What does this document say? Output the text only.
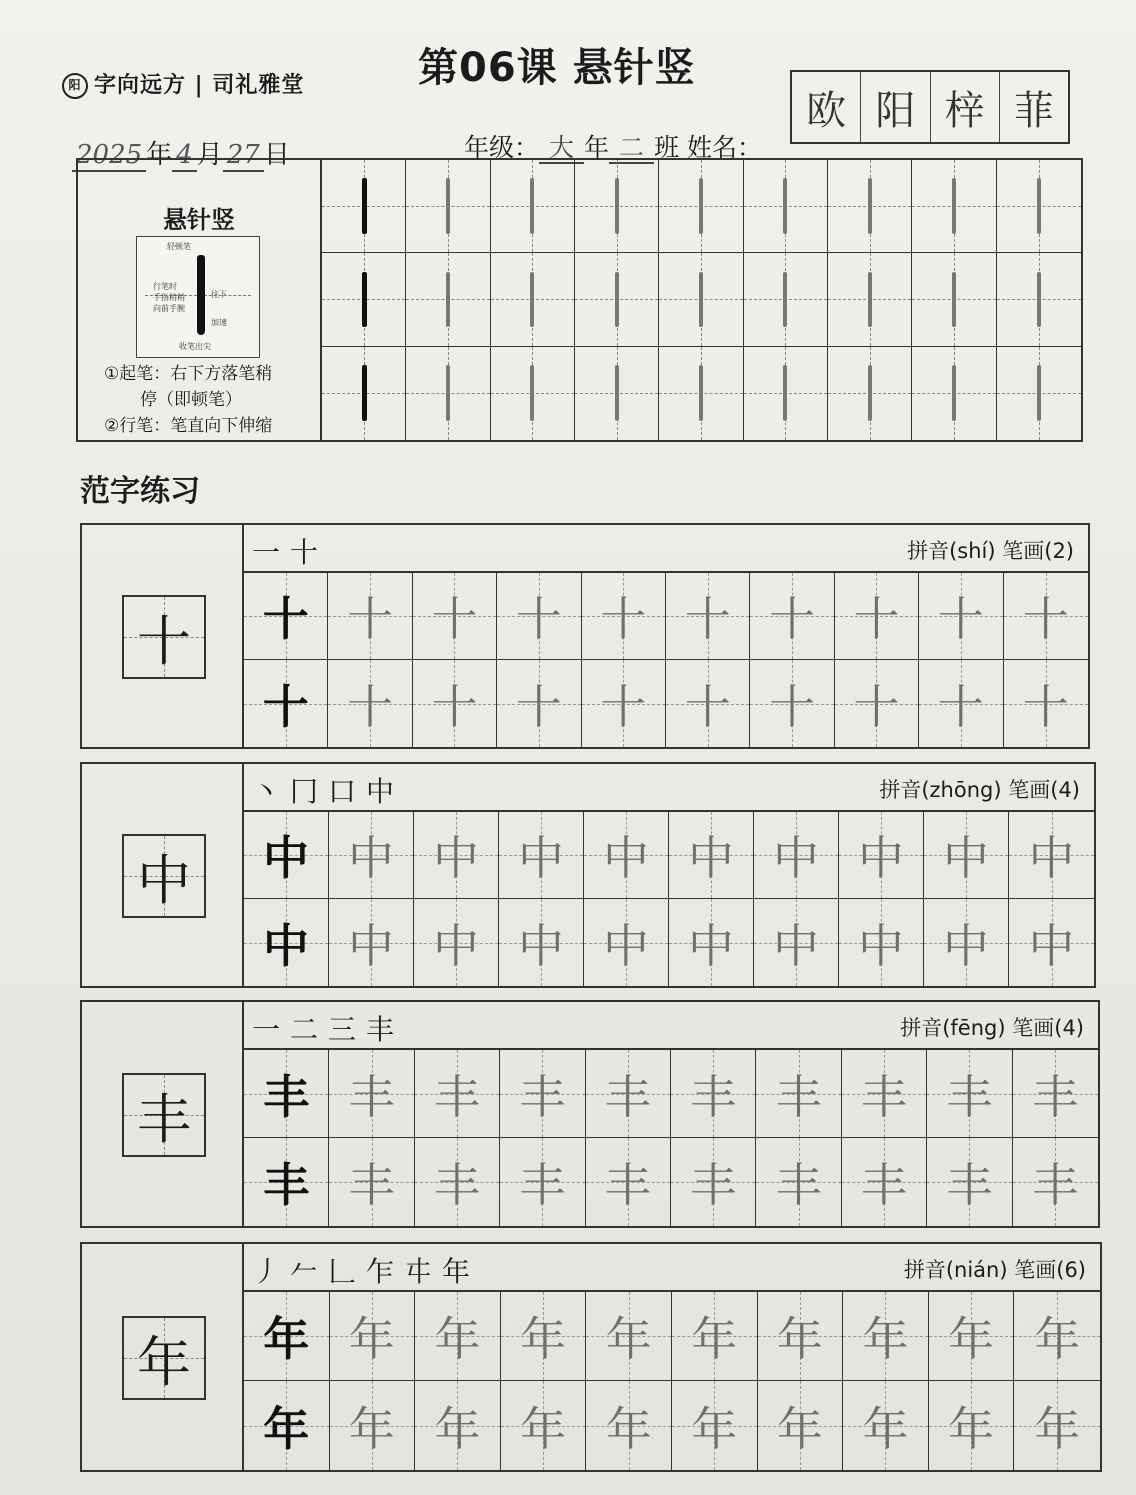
阳 字向远方 | 司礼雅堂	第06课 悬针竖
欧 阳 梓 菲
2025 年 4 月 27 日	年级： 大 年 二 班 姓名：
悬针竖
轻顿笔
行笔时
手指稍稍
向前手腕
往下
加速
收笔出尖
①起笔：右下方落笔稍
停（即顿笔）
②行笔：笔直向下伸缩
范字练习
十
一十	拼音(shí) 笔画(2)
十 十 十 十 十 十 十 十 十 十
十 十 十 十 十 十 十 十 十 十
中
丶冂口中	拼音(zhōng) 笔画(4)
中 中 中 中 中 中 中 中 中 中
中 中 中 中 中 中 中 中 中 中
丰
一二三丰	拼音(fēng) 笔画(4)
丰 丰 丰 丰 丰 丰 丰 丰 丰 丰
丰 丰 丰 丰 丰 丰 丰 丰 丰 丰
年
丿𠂉𠃊乍㐄年	拼音(nián) 笔画(6)
年 年 年 年 年 年 年 年 年 年
年 年 年 年 年 年 年 年 年 年
